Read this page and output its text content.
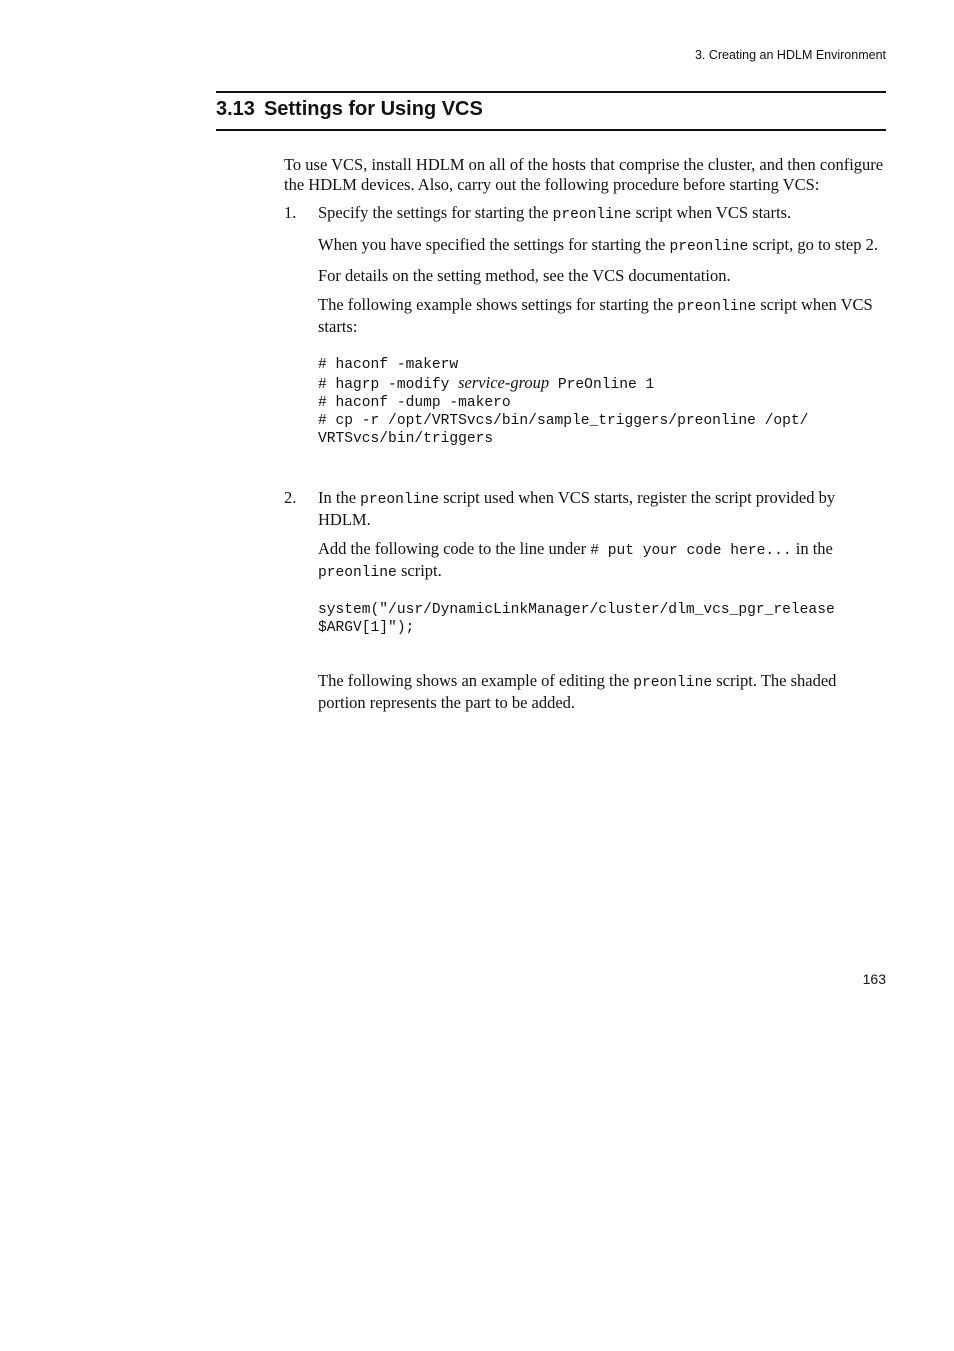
3. Creating an HDLM Environment
3.13 Settings for Using VCS

To use VCS, install HDLM on all of the hosts that comprise the cluster, and then configure the HDLM devices. Also, carry out the following procedure before starting VCS:

1.	Specify the settings for starting the preonline script when VCS starts.

When you have specified the settings for starting the preonline script, go to step 2.

For details on the setting method, see the VCS documentation.

The following example shows settings for starting the preonline script when VCS starts:

# haconf -makerw
# hagrp -modify service-group PreOnline 1
# haconf -dump -makero
# cp -r /opt/VRTSvcs/bin/sample_triggers/preonline /opt/
VRTSvcs/bin/triggers
2.	In the preonline script used when VCS starts, register the script provided by HDLM.

Add the following code to the line under # put your code here... in the preonline script.

system("/usr/DynamicLinkManager/cluster/dlm_vcs_pgr_release
$ARGV[1]");

The following shows an example of editing the preonline script. The shaded portion represents the part to be added.

163
